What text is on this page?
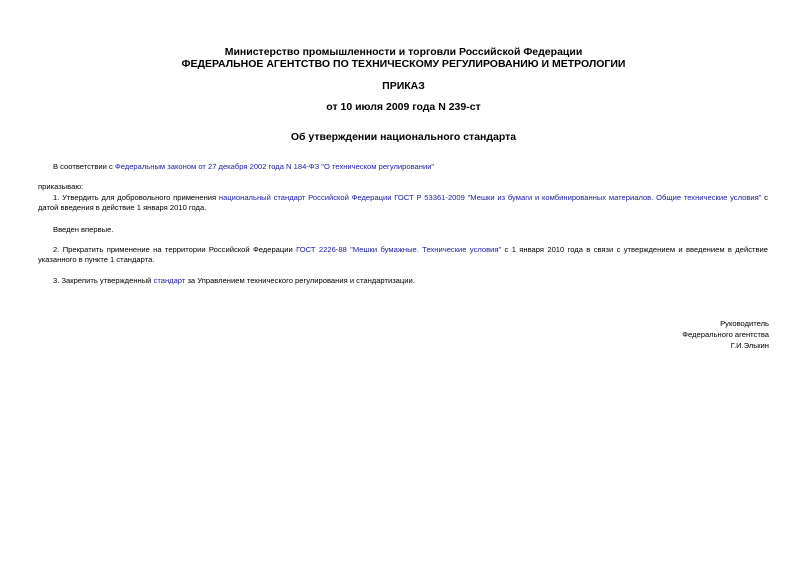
Министерство промышленности и торговли Российской Федерации
ФЕДЕРАЛЬНОЕ АГЕНТСТВО ПО ТЕХНИЧЕСКОМУ РЕГУЛИРОВАНИЮ И МЕТРОЛОГИИ
ПРИКАЗ
от 10 июля 2009 года N 239-ст
Об утверждении национального стандарта
В соответствии с Федеральным законом от 27 декабря 2002 года N 184-ФЗ "О техническом регулировании"
приказываю:
1. Утвердить для добровольного применения национальный стандарт Российской Федерации ГОСТ Р 53361-2009 "Мешки из бумаги и комбинированных материалов. Общие технические условия" с датой введения в действие 1 января 2010 года.
Введен впервые.
2. Прекратить применение на территории Российской Федерации ГОСТ 2226-88 "Мешки бумажные. Технические условия" с 1 января 2010 года в связи с утверждением и введением в действие указанного в пункте 1 стандарта.
3. Закрепить утвержденный стандарт за Управлением технического регулирования и стандартизации.
Руководитель
Федерального агентства
Г.И.Элькин
